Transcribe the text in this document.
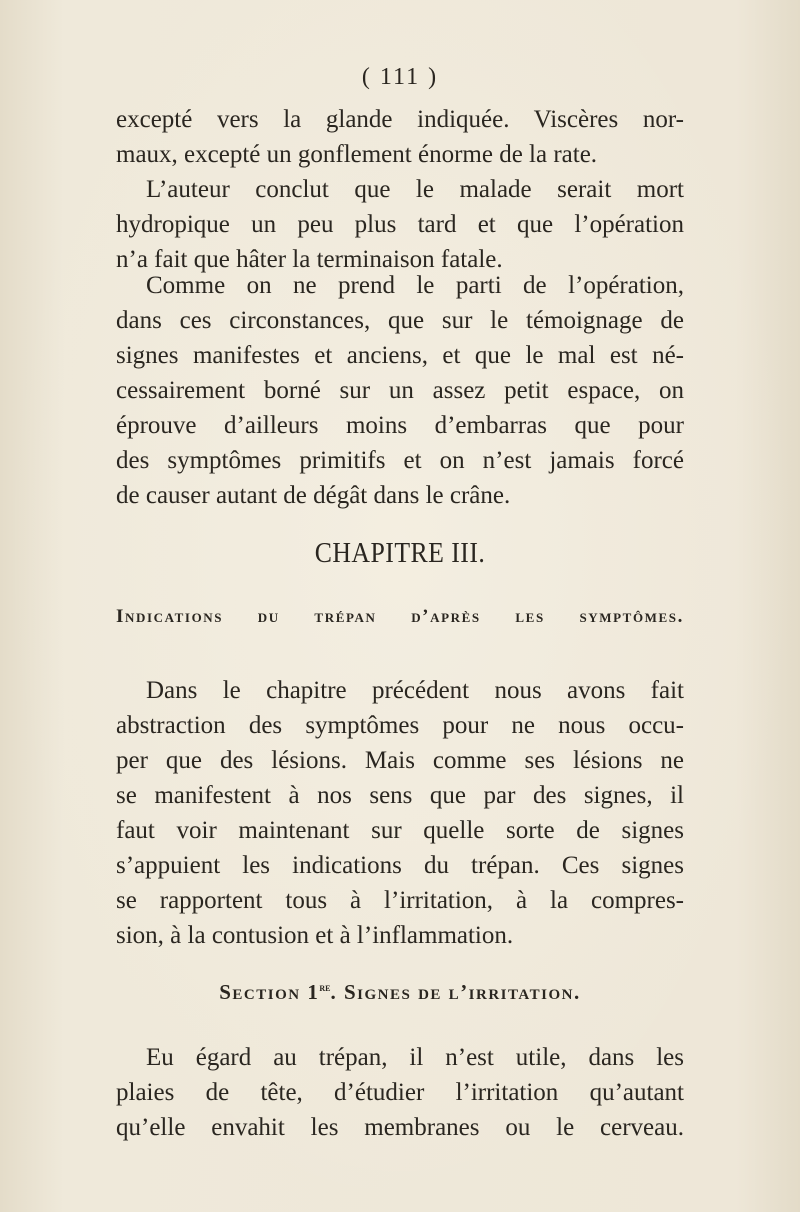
( 111 )

excepté vers la glande indiquée. Viscères nor-
maux, excepté un gonflement énorme de la rate.

L’auteur conclut que le malade serait mort
hydropique un peu plus tard et que l’opération
n’a fait que hâter la terminaison fatale.

Comme on ne prend le parti de l’opération,
dans ces circonstances, que sur le témoignage de
signes manifestes et anciens, et que le mal est né-
cessairement borné sur un assez petit espace, on
éprouve d’ailleurs moins d’embarras que pour
des symptômes primitifs et on n’est jamais forcé
de causer autant de dégât dans le crâne.

CHAPITRE III.
Indications du trépan d’après les symptômes.

Dans le chapitre précédent nous avons fait
abstraction des symptômes pour ne nous occu-
per que des lésions. Mais comme ses lésions ne
se manifestent à nos sens que par des signes, il
faut voir maintenant sur quelle sorte de signes
s’appuient les indications du trépan. Ces signes
se rapportent tous à l’irritation, à la compres-
sion, à la contusion et à l’inflammation.

Section 1re. Signes de l’irritation.

Eu égard au trépan, il n’est utile, dans les
plaies de tête, d’étudier l’irritation qu’autant
qu’elle envahit les membranes ou le cerveau.
